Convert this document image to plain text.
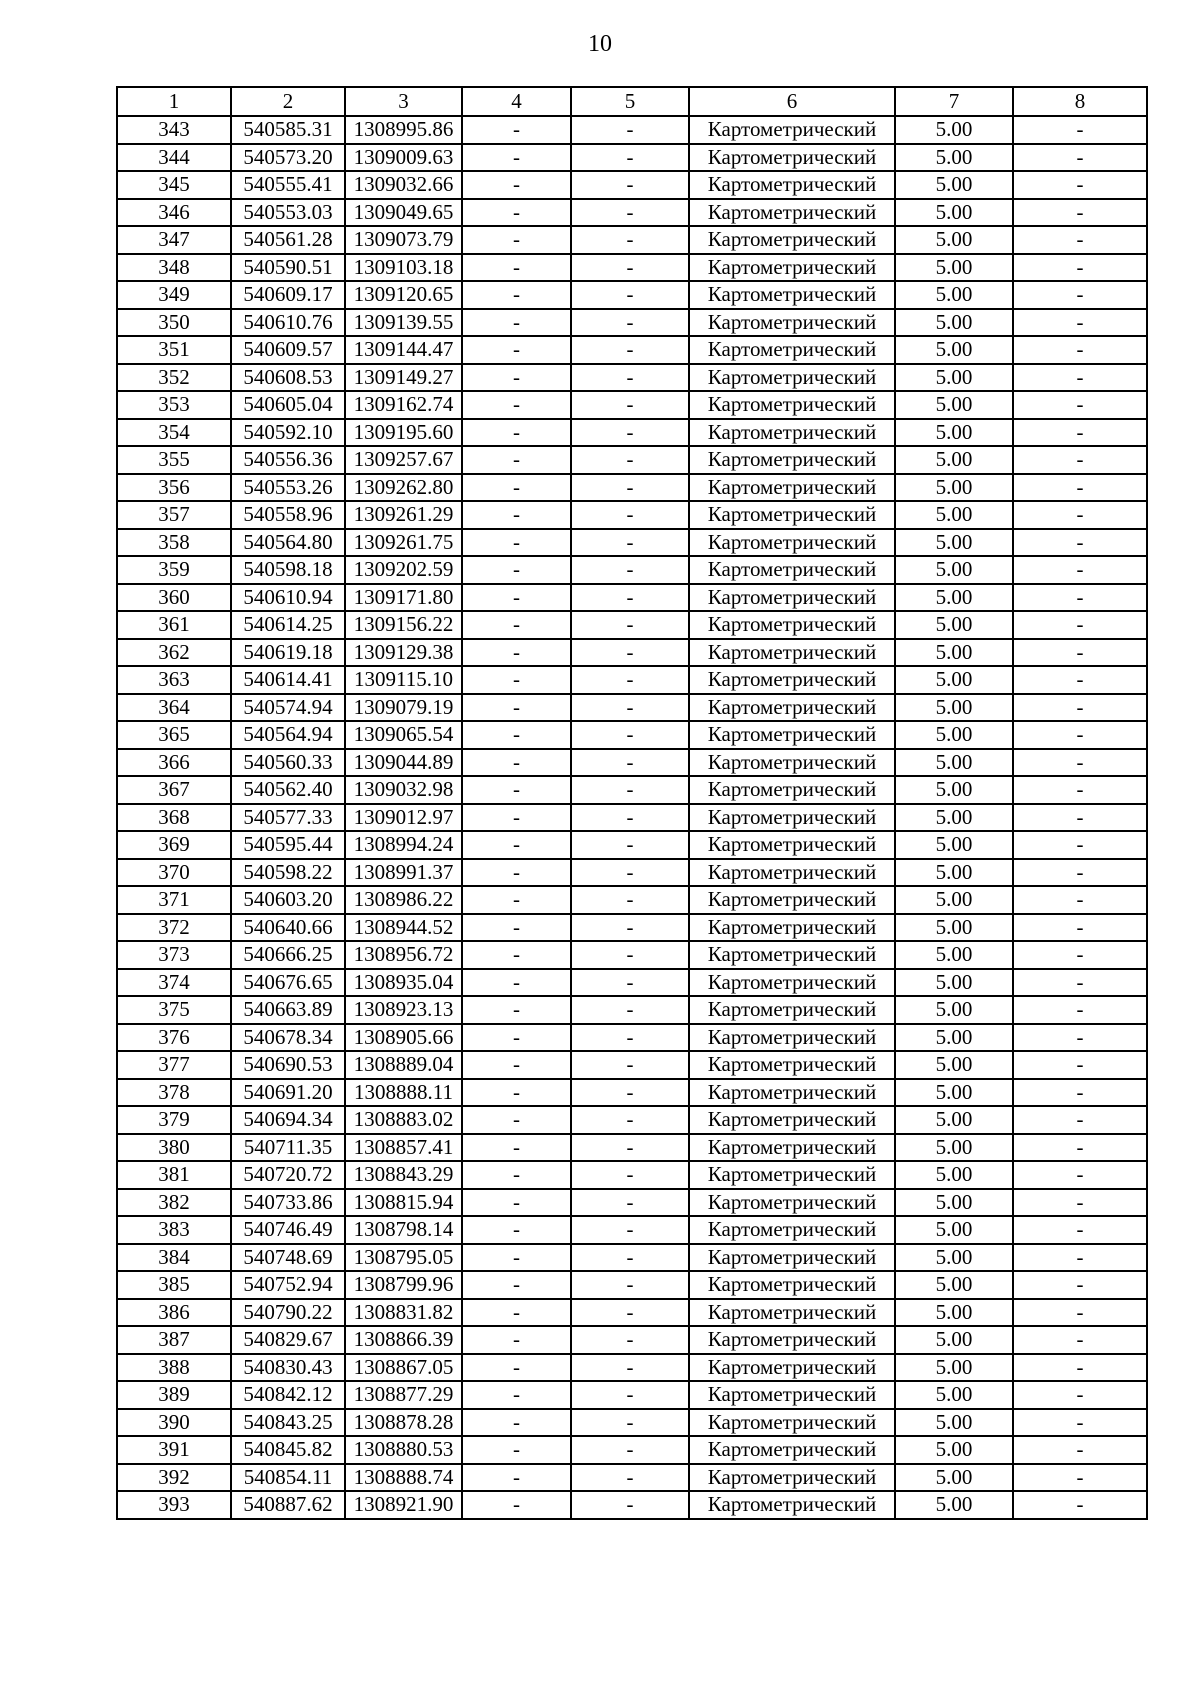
10
1	2	3	4	5	6	7	8
343	540585.31	1308995.86	-	-	Картометрический	5.00	-
344	540573.20	1309009.63	-	-	Картометрический	5.00	-
345	540555.41	1309032.66	-	-	Картометрический	5.00	-
346	540553.03	1309049.65	-	-	Картометрический	5.00	-
347	540561.28	1309073.79	-	-	Картометрический	5.00	-
348	540590.51	1309103.18	-	-	Картометрический	5.00	-
349	540609.17	1309120.65	-	-	Картометрический	5.00	-
350	540610.76	1309139.55	-	-	Картометрический	5.00	-
351	540609.57	1309144.47	-	-	Картометрический	5.00	-
352	540608.53	1309149.27	-	-	Картометрический	5.00	-
353	540605.04	1309162.74	-	-	Картометрический	5.00	-
354	540592.10	1309195.60	-	-	Картометрический	5.00	-
355	540556.36	1309257.67	-	-	Картометрический	5.00	-
356	540553.26	1309262.80	-	-	Картометрический	5.00	-
357	540558.96	1309261.29	-	-	Картометрический	5.00	-
358	540564.80	1309261.75	-	-	Картометрический	5.00	-
359	540598.18	1309202.59	-	-	Картометрический	5.00	-
360	540610.94	1309171.80	-	-	Картометрический	5.00	-
361	540614.25	1309156.22	-	-	Картометрический	5.00	-
362	540619.18	1309129.38	-	-	Картометрический	5.00	-
363	540614.41	1309115.10	-	-	Картометрический	5.00	-
364	540574.94	1309079.19	-	-	Картометрический	5.00	-
365	540564.94	1309065.54	-	-	Картометрический	5.00	-
366	540560.33	1309044.89	-	-	Картометрический	5.00	-
367	540562.40	1309032.98	-	-	Картометрический	5.00	-
368	540577.33	1309012.97	-	-	Картометрический	5.00	-
369	540595.44	1308994.24	-	-	Картометрический	5.00	-
370	540598.22	1308991.37	-	-	Картометрический	5.00	-
371	540603.20	1308986.22	-	-	Картометрический	5.00	-
372	540640.66	1308944.52	-	-	Картометрический	5.00	-
373	540666.25	1308956.72	-	-	Картометрический	5.00	-
374	540676.65	1308935.04	-	-	Картометрический	5.00	-
375	540663.89	1308923.13	-	-	Картометрический	5.00	-
376	540678.34	1308905.66	-	-	Картометрический	5.00	-
377	540690.53	1308889.04	-	-	Картометрический	5.00	-
378	540691.20	1308888.11	-	-	Картометрический	5.00	-
379	540694.34	1308883.02	-	-	Картометрический	5.00	-
380	540711.35	1308857.41	-	-	Картометрический	5.00	-
381	540720.72	1308843.29	-	-	Картометрический	5.00	-
382	540733.86	1308815.94	-	-	Картометрический	5.00	-
383	540746.49	1308798.14	-	-	Картометрический	5.00	-
384	540748.69	1308795.05	-	-	Картометрический	5.00	-
385	540752.94	1308799.96	-	-	Картометрический	5.00	-
386	540790.22	1308831.82	-	-	Картометрический	5.00	-
387	540829.67	1308866.39	-	-	Картометрический	5.00	-
388	540830.43	1308867.05	-	-	Картометрический	5.00	-
389	540842.12	1308877.29	-	-	Картометрический	5.00	-
390	540843.25	1308878.28	-	-	Картометрический	5.00	-
391	540845.82	1308880.53	-	-	Картометрический	5.00	-
392	540854.11	1308888.74	-	-	Картометрический	5.00	-
393	540887.62	1308921.90	-	-	Картометрический	5.00	-
